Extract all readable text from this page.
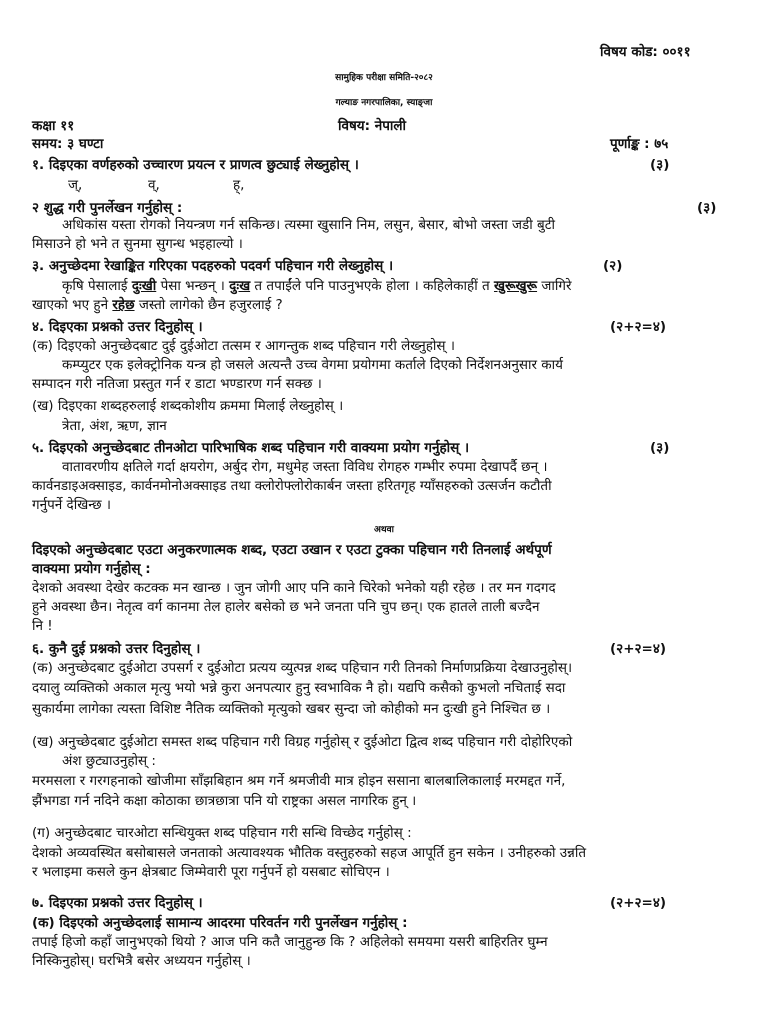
विषय कोड: ००११
सामुहिक परीक्षा समिति-२०८२
गल्याङ नगरपालिका, स्याङ्जा
कक्षा ११	विषय: नेपाली
समय: ३ घण्टा	पूर्णाङ्क : ७५
१. दिइएका वर्णहरुको उच्चारण प्रयत्न र प्राणत्व छुट्याई लेख्नुहोस् ।	(३)
ज्,	व्,	ह्,
२ शुद्ध गरी पुनर्लेखन गर्नुहोस् :	(३)
अधिकांस यस्ता रोगको नियन्त्रण गर्न सकिन्छ। त्यस्मा खुसानि निम, लसुन, बेसार, बोभो जस्ता जडी बुटी
मिसाउने हो भने त सुनमा सुगन्ध भइहाल्यो ।
३. अनुच्छेदमा रेखाङ्कित गरिएका पदहरुको पदवर्ग पहिचान गरी लेख्नुहोस् ।	(२)
कृषि पेसालाई दुःखी पेसा भन्छन् । दुःख त तपाईंले पनि पाउनुभएके होला । कहिलेकाहीं त खुरूखुरू जागिरे
खाएको भए हुने रहेछ जस्तो लागेको छैन हजुरलाई ?
४. दिइएका प्रश्नको उत्तर दिनुहोस् ।	(२+२=४)
(क) दिइएको अनुच्छेदबाट दुई दुईओटा तत्सम र आगन्तुक शब्द पहिचान गरी लेख्नुहोस् ।
कम्प्युटर एक इलेक्ट्रोनिक यन्त्र हो जसले अत्यन्तै उच्च वेगमा प्रयोगमा कर्ताले दिएको निर्देशनअनुसार कार्य
सम्पादन गरी नतिजा प्रस्तुत गर्न र डाटा भण्डारण गर्न सक्छ ।
(ख) दिइएका शब्दहरुलाई शब्दकोशीय क्रममा मिलाई लेख्नुहोस् ।
त्रेता, अंश, ऋण, ज्ञान
५. दिइएको अनुच्छेदबाट तीनओटा पारिभाषिक शब्द पहिचान गरी वाक्यमा प्रयोग गर्नुहोस् ।	(३)
वातावरणीय क्षतिले गर्दा क्षयरोग, अर्बुद रोग, मधुमेह जस्ता विविध रोगहरु गम्भीर रुपमा देखापर्दै छन् ।
कार्वनडाइअक्साइड, कार्वनमोनोअक्साइड तथा क्लोरोफ्लोरोकार्बन जस्ता हरितगृह ग्याँसहरुको उत्सर्जन कटौती
गर्नुपर्ने देखिन्छ ।
अथवा
दिइएको अनुच्छेदबाट एउटा अनुकरणात्मक शब्द, एउटा उखान र एउटा टुक्का पहिचान गरी तिनलाई अर्थपूर्ण
वाक्यमा प्रयोग गर्नुहोस् :
देशको अवस्था देखेर कटक्क मन खान्छ । जुन जोगी आए पनि काने चिरेको भनेको यही रहेछ । तर मन गदगद
हुने अवस्था छैन। नेतृत्व वर्ग कानमा तेल हालेर बसेको छ भने जनता पनि चुप छन्। एक हातले ताली बज्दैन
नि !
६. कुनै दुई प्रश्नको उत्तर दिनुहोस् ।	(२+२=४)
(क) अनुच्छेदबाट दुईओटा उपसर्ग र दुईओटा प्रत्यय व्युत्पन्न शब्द पहिचान गरी तिनको निर्माणप्रक्रिया देखाउनुहोस्।
दयालु व्यक्तिको अकाल मृत्यु भयो भन्ने कुरा अनपत्यार हुनु स्वभाविक नै हो। यद्यपि कसैको कुभलो नचिताई सदा
सुकार्यमा लागेका त्यस्ता विशिष्ट नैतिक व्यक्तिको मृत्युको खबर सुन्दा जो कोहीको मन दुःखी हुने निश्चित छ ।
(ख) अनुच्छेदबाट दुईओटा समस्त शब्द पहिचान गरी विग्रह गर्नुहोस् र दुईओटा द्वित्व शब्द पहिचान गरी दोहोरिएको
अंश छुट्याउनुहोस् :
मरमसला र गरगहनाको खोजीमा साँझबिहान श्रम गर्ने श्रमजीवी मात्र होइन ससाना बालबालिकालाई मरमद्दत गर्ने,
झैंभगडा गर्न नदिने कक्षा कोठाका छात्रछात्रा पनि यो राष्ट्रका असल नागरिक हुन् ।
(ग) अनुच्छेदबाट चारओटा सन्धियुक्त शब्द पहिचान गरी सन्धि विच्छेद गर्नुहोस् :
देशको अव्यवस्थित बसोबासले जनताको अत्यावश्यक भौतिक वस्तुहरुको सहज आपूर्ति हुन सकेन । उनीहरुको उन्नति
र भलाइमा कसले कुन क्षेत्रबाट जिम्मेवारी पूरा गर्नुपर्ने हो यसबाट सोचिएन ।
७. दिइएका प्रश्नको उत्तर दिनुहोस् ।	(२+२=४)
(क) दिइएको अनुच्छेदलाई सामान्य आदरमा परिवर्तन गरी पुनर्लेखन गर्नुहोस् :
तपाई हिजो कहाँ जानुभएको थियो ? आज पनि कतै जानुहुन्छ कि ? अहिलेको समयमा यसरी बाहिरतिर घुम्न
निस्किनुहोस्। घरभित्रै बसेर अध्ययन गर्नुहोस् ।
